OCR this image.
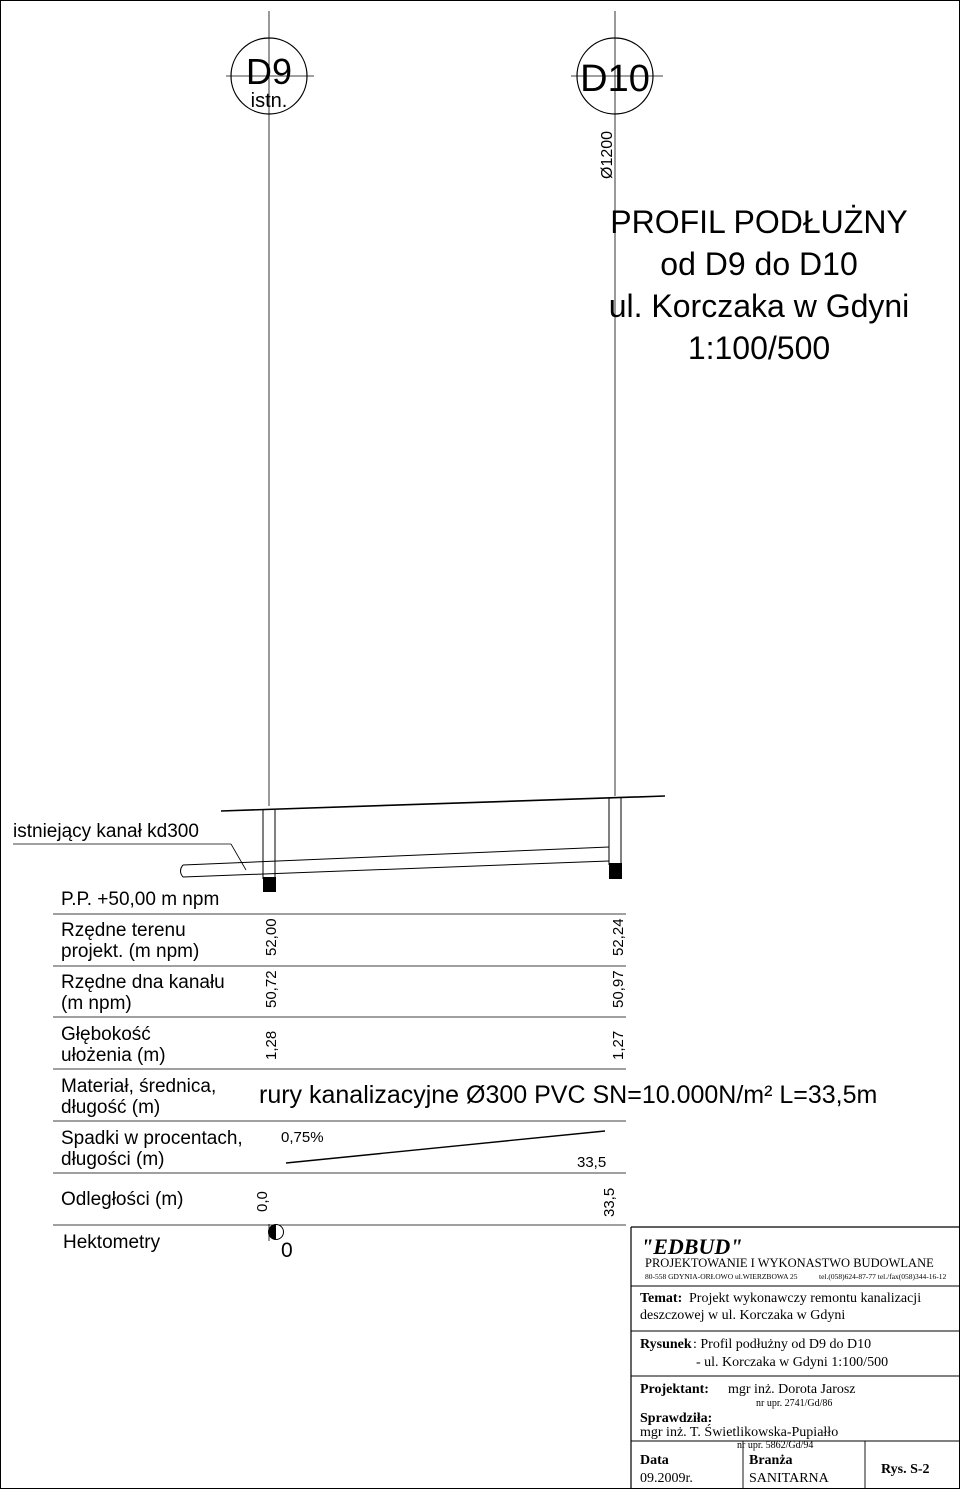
D9
istn.
D10
Ø1200
PROFIL PODŁUŻNY
od D9 do D10
ul. Korczaka w Gdyni
1:100/500
istniejący kanał kd300
P.P. +50,00 m npm
Rzędne terenu
projekt. (m npm)
Rzędne dna kanału
(m npm)
Głębokość
ułożenia (m)
Materiał, średnica,
długość (m)
Spadki w procentach,
długości (m)
Odległości (m)
Hektometry
52,00
50,72
1,28
0,0
52,24
50,97
1,27
33,5
rury kanalizacyjne Ø300 PVC SN=10.000N/m² L=33,5m
0,75%
33,5
0	"EDBUD"
PROJEKTOWANIE I WYKONASTWO BUDOWLANE
80-558 GDYNIA-ORŁOWO ul.WIERZBOWA 25	tel.(058)624-87-77 tel./fax(058)344-16-12
Temat: Projekt wykonawczy remontu kanalizacji
deszczowej w ul. Korczaka w Gdyni
Rysunek : Profil podłużny od D9 do D10
- ul. Korczaka w Gdyni 1:100/500
Projektant: mgr inż. Dorota Jarosz
nr upr. 2741/Gd/86
Sprawdziła:
mgr inż. T. Świetlikowska-Pupiałło
nr upr. 5862/Gd/94
Data
09.2009r.
Branża
SANITARNA
Rys. S-2
